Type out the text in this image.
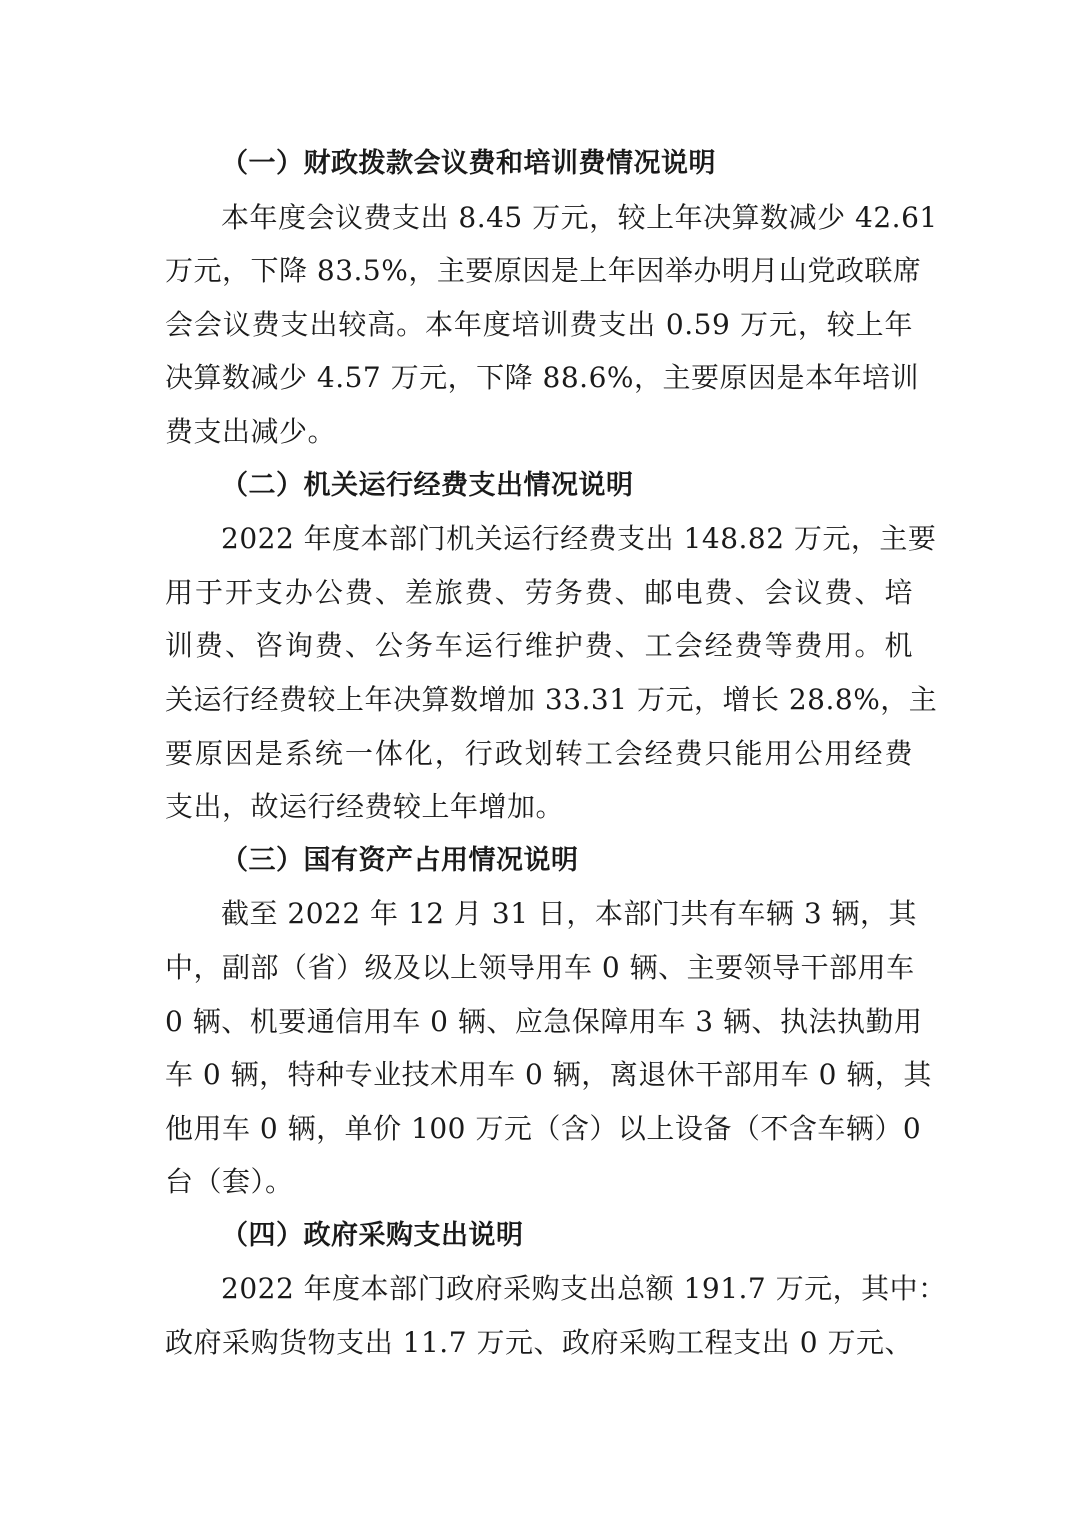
（一）财政拨款会议费和培训费情况说明
本年度会议费支出 8.45 万元，较上年决算数减少 42.61
万元，下降 83.5%，主要原因是上年因举办明月山党政联席
会会议费支出较高。本年度培训费支出 0.59 万元，较上年
决算数减少 4.57 万元，下降 88.6%，主要原因是本年培训
费支出减少。
（二）机关运行经费支出情况说明
2022 年度本部门机关运行经费支出 148.82 万元，主要
用于开支办公费、差旅费、劳务费、邮电费、会议费、培
训费、咨询费、公务车运行维护费、工会经费等费用。机
关运行经费较上年决算数增加 33.31 万元，增长 28.8%，主
要原因是系统一体化，行政划转工会经费只能用公用经费
支出，故运行经费较上年增加。
（三）国有资产占用情况说明
截至 2022 年 12 月 31 日，本部门共有车辆 3 辆，其
中，副部（省）级及以上领导用车 0 辆、主要领导干部用车
0 辆、机要通信用车 0 辆、应急保障用车 3 辆、执法执勤用
车 0 辆，特种专业技术用车 0 辆，离退休干部用车 0 辆，其
他用车 0 辆，单价 100 万元（含）以上设备（不含车辆）0
台（套）。
（四）政府采购支出说明
2022 年度本部门政府采购支出总额 191.7 万元，其中：
政府采购货物支出 11.7 万元、政府采购工程支出 0 万元、
